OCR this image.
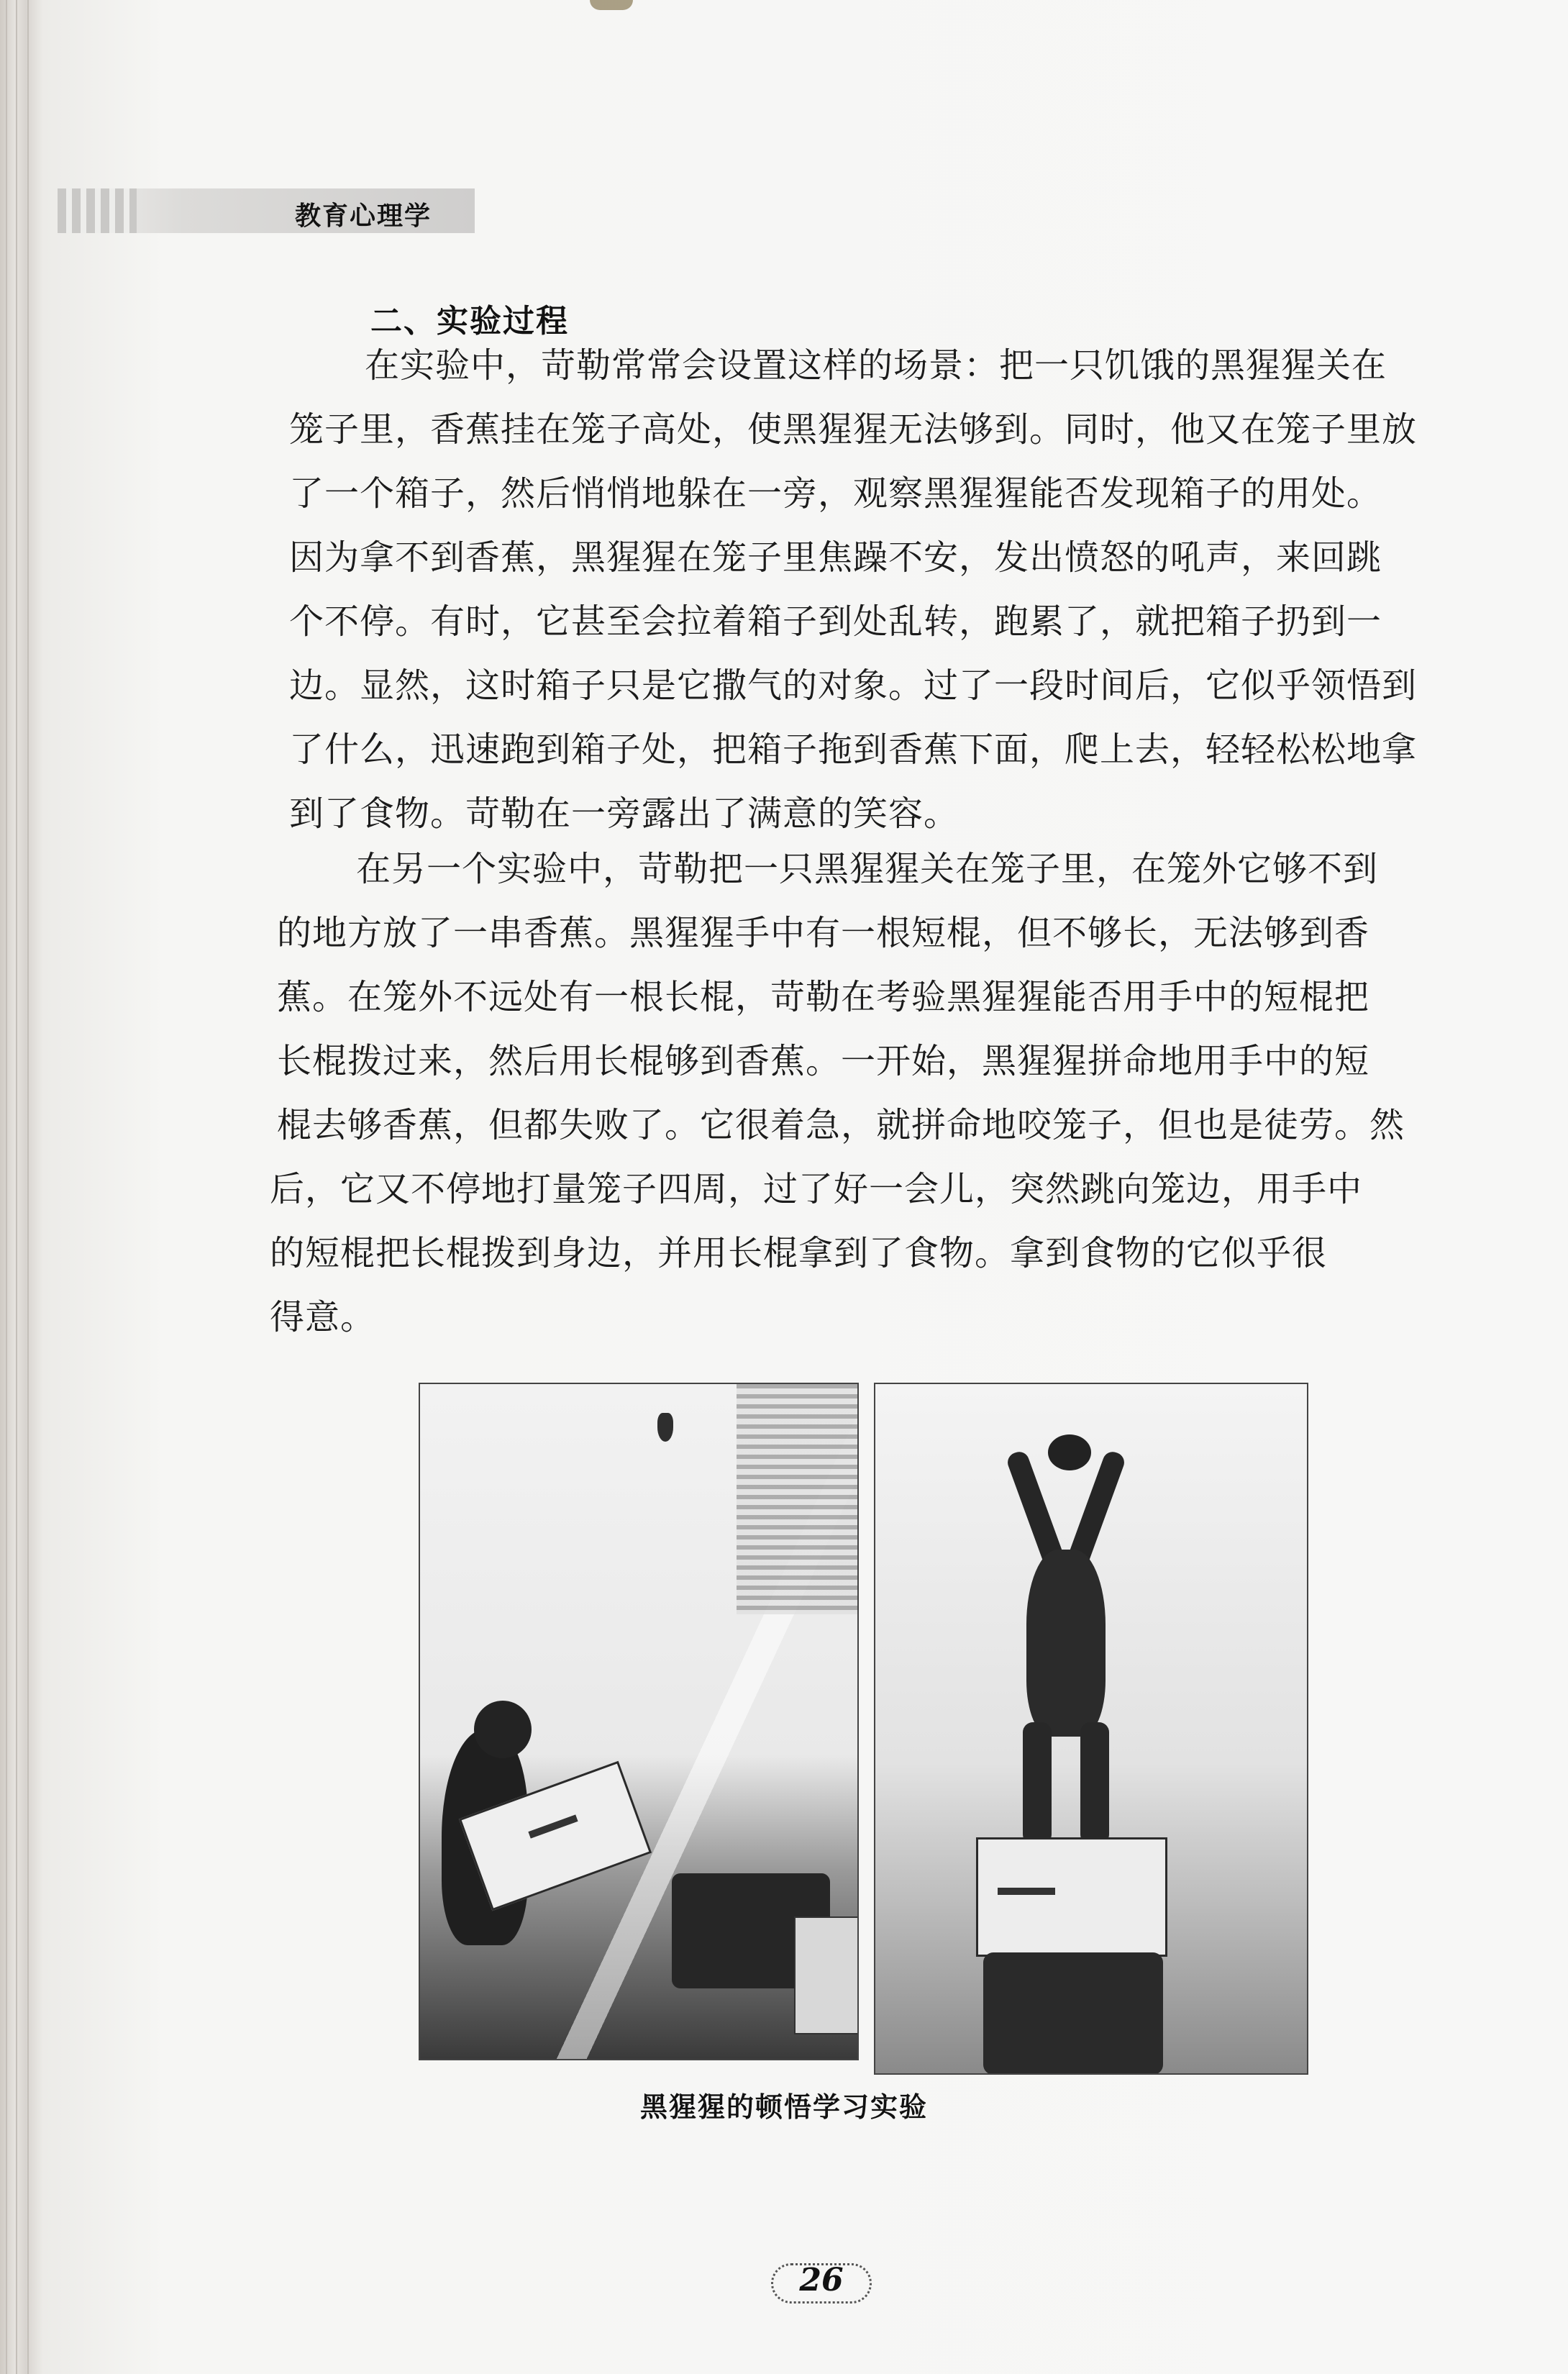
教育心理学
二、实验过程
在实验中，苛勒常常会设置这样的场景：把一只饥饿的黑猩猩关在
笼子里，香蕉挂在笼子高处，使黑猩猩无法够到。同时，他又在笼子里放
了一个箱子，然后悄悄地躲在一旁，观察黑猩猩能否发现箱子的用处。
因为拿不到香蕉，黑猩猩在笼子里焦躁不安，发出愤怒的吼声，来回跳
个不停。有时，它甚至会拉着箱子到处乱转，跑累了，就把箱子扔到一
边。显然，这时箱子只是它撒气的对象。过了一段时间后，它似乎领悟到
了什么，迅速跑到箱子处，把箱子拖到香蕉下面，爬上去，轻轻松松地拿
到了食物。苛勒在一旁露出了满意的笑容。
在另一个实验中，苛勒把一只黑猩猩关在笼子里，在笼外它够不到
的地方放了一串香蕉。黑猩猩手中有一根短棍，但不够长，无法够到香
蕉。在笼外不远处有一根长棍，苛勒在考验黑猩猩能否用手中的短棍把
长棍拨过来，然后用长棍够到香蕉。一开始，黑猩猩拼命地用手中的短
棍去够香蕉，但都失败了。它很着急，就拼命地咬笼子，但也是徒劳。然
后，它又不停地打量笼子四周，过了好一会儿，突然跳向笼边，用手中
的短棍把长棍拨到身边，并用长棍拿到了食物。拿到食物的它似乎很
得意。
黑猩猩的顿悟学习实验
26
